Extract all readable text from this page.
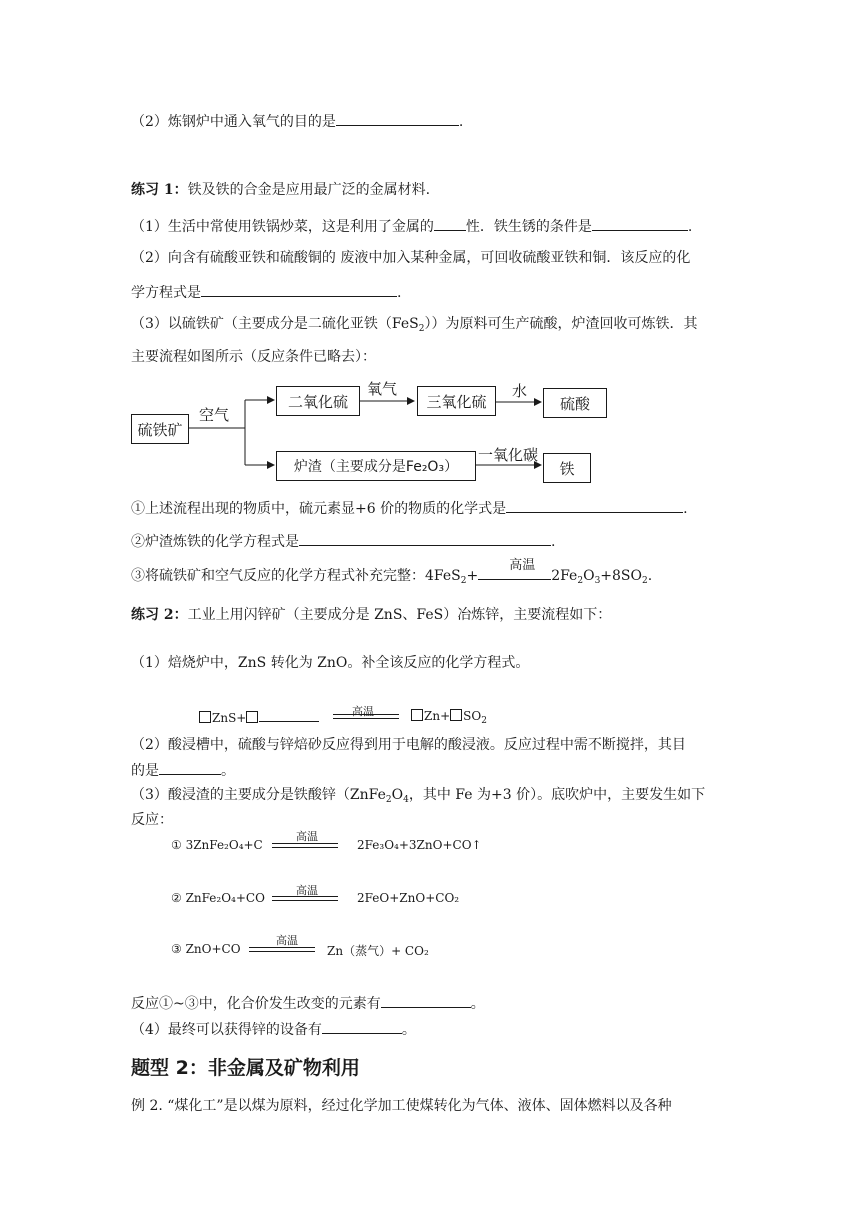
（2）炼钢炉中通入氧气的目的是	.
练习 1：铁及铁的合金是应用最广泛的金属材料.
（1）生活中常使用铁锅炒菜，这是利用了金属的 性．铁生锈的条件是	.
（2）向含有硫酸亚铁和硫酸铜的 废液中加入某种金属，可回收硫酸亚铁和铜．该反应的化
学方程式是	.
（3）以硫铁矿（主要成分是二硫化亚铁（FeS$_2$））为原料可生产硫酸，炉渣回收可炼铁．其
主要流程如图所示（反应条件已略去）：
硫铁矿
空气
二氧化硫
氧气
三氧化硫
水
硫酸
炉渣（主要成分是Fe₂O₃）
一氧化碳
铁
①上述流程出现的物质中，硫元素显+6 价的物质的化学式是	.
②炉渣炼铁的化学方程式是	.
③将硫铁矿和空气反应的化学方程式补充完整：4FeS$_2$+
高温
$2Fe_2O_3+8SO_2$.
练习 2：工业上用闪锌矿（主要成分是 ZnS、FeS）冶炼锌，主要流程如下：
（1）焙烧炉中，ZnS 转化为 ZnO。补全该反应的化学方程式。
ZnS+	高温	$Zn+ SO_2$
（2）酸浸槽中，硫酸与锌焙砂反应得到用于电解的酸浸液。反应过程中需不断搅拌，其目
的是	。
（3）酸浸渣的主要成分是铁酸锌（$ZnFe_2O_4$，其中 Fe 为+3 价）。底吹炉中，主要发生如下
反应：
① 3ZnFe₂O₄+C
高温
2Fe₃O₄+3ZnO+CO↑
② ZnFe₂O₄+CO
高温
2FeO+ZnO+CO₂
③ ZnO+CO
高温
Zn（蒸气）+ CO₂
反应①~③中，化合价发生改变的元素有	。
（4）最终可以获得锌的设备有	。
题型 2：非金属及矿物利用
例 2. “煤化工”是以煤为原料，经过化学加工使煤转化为气体、液体、固体燃料以及各种
